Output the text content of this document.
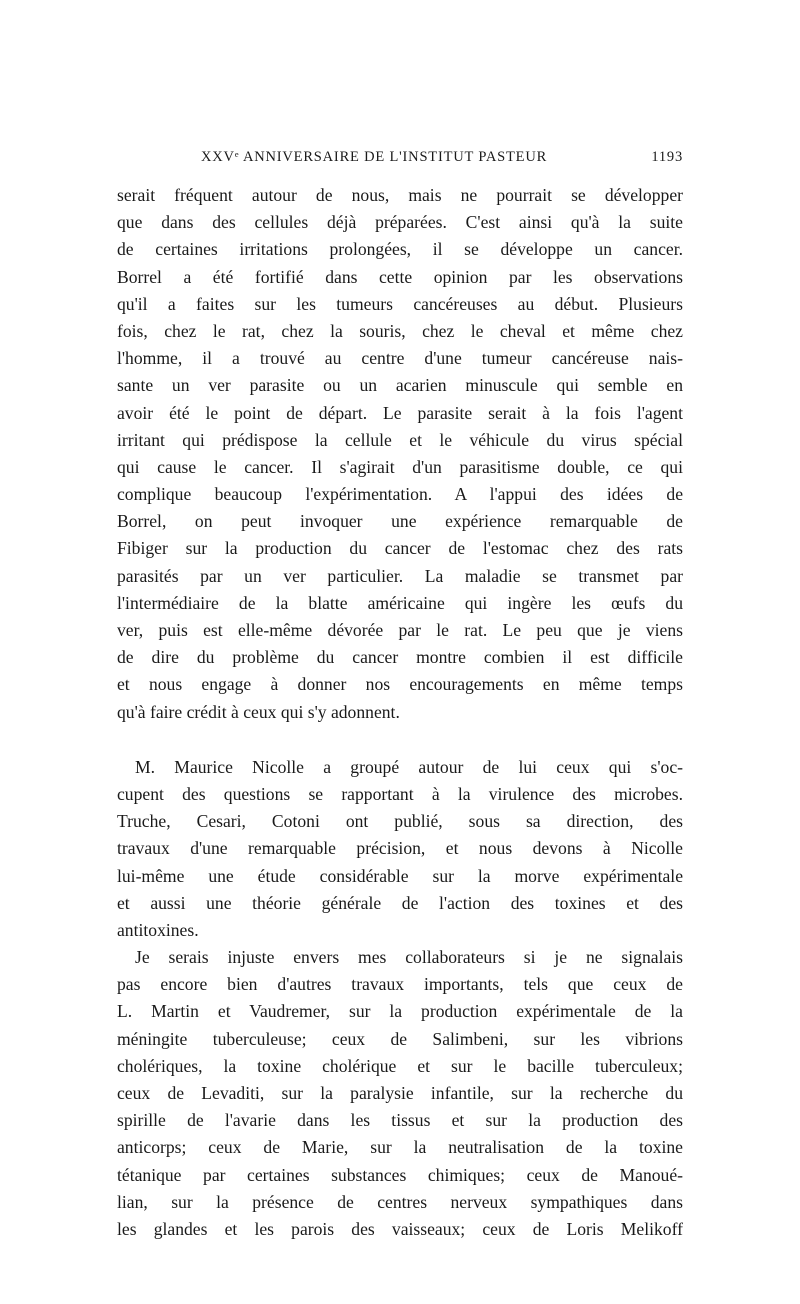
XXVᵉ ANNIVERSAIRE DE L'INSTITUT PASTEUR	1193
serait fréquent autour de nous, mais ne pourrait se développer
que dans des cellules déjà préparées. C'est ainsi qu'à la suite
de certaines irritations prolongées, il se développe un cancer.
Borrel a été fortifié dans cette opinion par les observations
qu'il a faites sur les tumeurs cancéreuses au début. Plusieurs
fois, chez le rat, chez la souris, chez le cheval et même chez
l'homme, il a trouvé au centre d'une tumeur cancéreuse nais-
sante un ver parasite ou un acarien minuscule qui semble en
avoir été le point de départ. Le parasite serait à la fois l'agent
irritant qui prédispose la cellule et le véhicule du virus spécial
qui cause le cancer. Il s'agirait d'un parasitisme double, ce qui
complique beaucoup l'expérimentation. A l'appui des idées de
Borrel, on peut invoquer une expérience remarquable de
Fibiger sur la production du cancer de l'estomac chez des rats
parasités par un ver particulier. La maladie se transmet par
l'intermédiaire de la blatte américaine qui ingère les œufs du
ver, puis est elle-même dévorée par le rat. Le peu que je viens
de dire du problème du cancer montre combien il est difficile
et nous engage à donner nos encouragements en même temps
qu'à faire crédit à ceux qui s'y adonnent.
M. Maurice Nicolle a groupé autour de lui ceux qui s'oc-
cupent des questions se rapportant à la virulence des microbes.
Truche, Cesari, Cotoni ont publié, sous sa direction, des
travaux d'une remarquable précision, et nous devons à Nicolle
lui-même une étude considérable sur la morve expérimentale
et aussi une théorie générale de l'action des toxines et des
antitoxines.
Je serais injuste envers mes collaborateurs si je ne signalais
pas encore bien d'autres travaux importants, tels que ceux de
L. Martin et Vaudremer, sur la production expérimentale de la
méningite tuberculeuse; ceux de Salimbeni, sur les vibrions
cholériques, la toxine cholérique et sur le bacille tuberculeux;
ceux de Levaditi, sur la paralysie infantile, sur la recherche du
spirille de l'avarie dans les tissus et sur la production des
anticorps; ceux de Marie, sur la neutralisation de la toxine
tétanique par certaines substances chimiques; ceux de Manoué-
lian, sur la présence de centres nerveux sympathiques dans
les glandes et les parois des vaisseaux; ceux de Loris Melikoff
